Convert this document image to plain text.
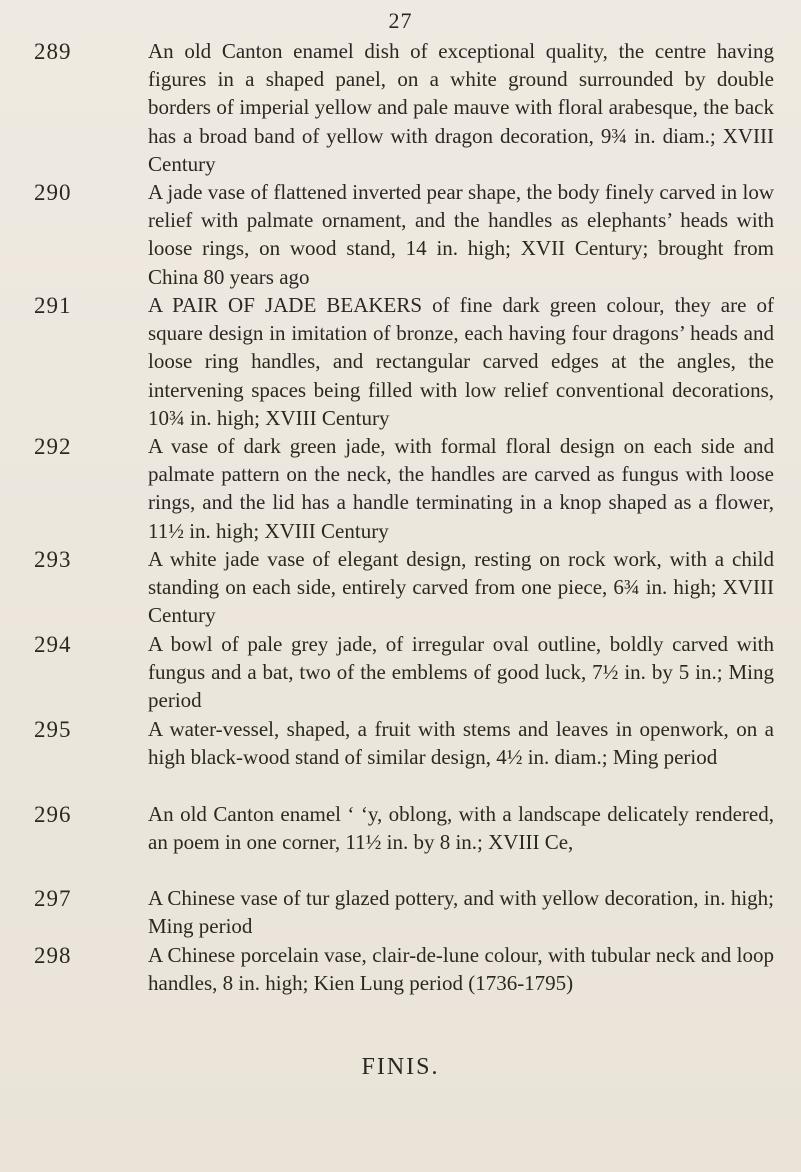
27
289	An old Canton enamel dish of exceptional quality, the centre having figures in a shaped panel, on a white ground surrounded by double borders of imperial yellow and pale mauve with floral arabesque, the back has a broad band of yellow with dragon decoration, 9¾ in. diam.; XVIII Century
290	A jade vase of flattened inverted pear shape, the body finely carved in low relief with palmate ornament, and the handles as elephants’ heads with loose rings, on wood stand, 14 in. high; XVII Century; brought from China 80 years ago
291	A PAIR OF JADE BEAKERS of fine dark green colour, they are of square design in imitation of bronze, each having four dragons’ heads and loose ring handles, and rectangular carved edges at the angles, the intervening spaces being filled with low relief conventional decorations, 10¾ in. high; XVIII Century
292	A vase of dark green jade, with formal floral design on each side and palmate pattern on the neck, the handles are carved as fungus with loose rings, and the lid has a handle terminating in a knop shaped as a flower, 11½ in. high; XVIII Century
293	A white jade vase of elegant design, resting on rock work, with a child standing on each side, entirely carved from one piece, 6¾ in. high; XVIII Century
294	A bowl of pale grey jade, of irregular oval outline, boldly carved with fungus and a bat, two of the emblems of good luck, 7½ in. by 5 in.; Ming period
295	A water-vessel, shaped, a fruit with stems and leaves in openwork, on a high black-wood stand of similar design, 4½ in. diam.; Ming period
296	An old Canton enamel ‘ ‘y, oblong, with a landscape delicately rendered, an poem in one corner, 11½ in. by 8 in.; XVIII Ce,
297	A Chinese vase of tur glazed pottery, and with yellow decoration, in. high; Ming period
298	A Chinese porcelain vase, clair-de-lune colour, with tubular neck and loop handles, 8 in. high; Kien Lung period (1736-1795)
FINIS.
